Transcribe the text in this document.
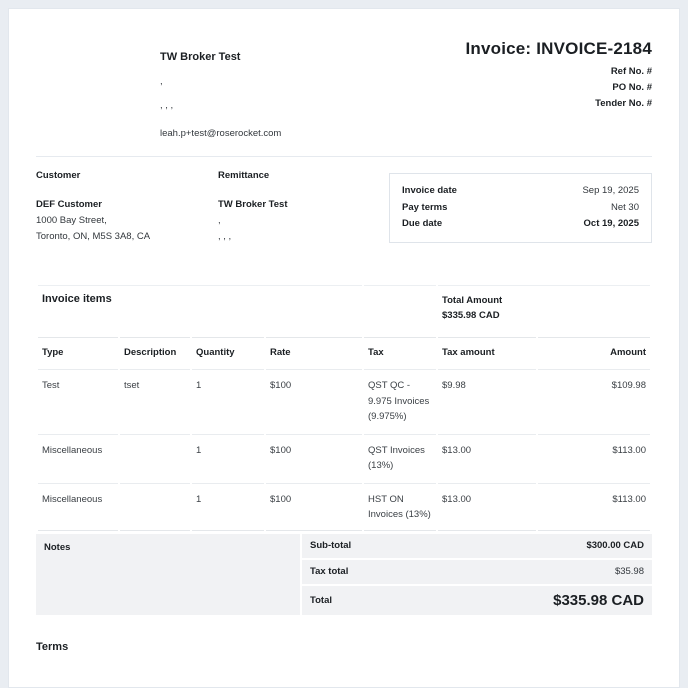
TW Broker Test
,
, , ,
leah.p+test@roserocket.com
Invoice: INVOICE-2184
Ref No. #
PO No. #
Tender No. #
Customer
DEF Customer
1000 Bay Street,
Toronto, ON, M5S 3A8, CA
Remittance
TW Broker Test
,
, , ,
Invoice date	Sep 19, 2025
Pay terms	Net 30
Due date	Oct 19, 2025
Invoice items					Total Amount
$335.98 CAD	

Type	Description	Quantity	Rate	Tax	Tax amount	Amount
Test	tset	1	$100	QST QC - 9.975 Invoices (9.975%)	$9.98	$109.98
Miscellaneous		1	$100	QST Invoices (13%)	$13.00	$113.00
Miscellaneous		1	$100	HST ON Invoices (13%)	$13.00	$113.00
Notes	Sub-total	$300.00 CAD
Tax total	$35.98
Total	$335.98 CAD
Terms
